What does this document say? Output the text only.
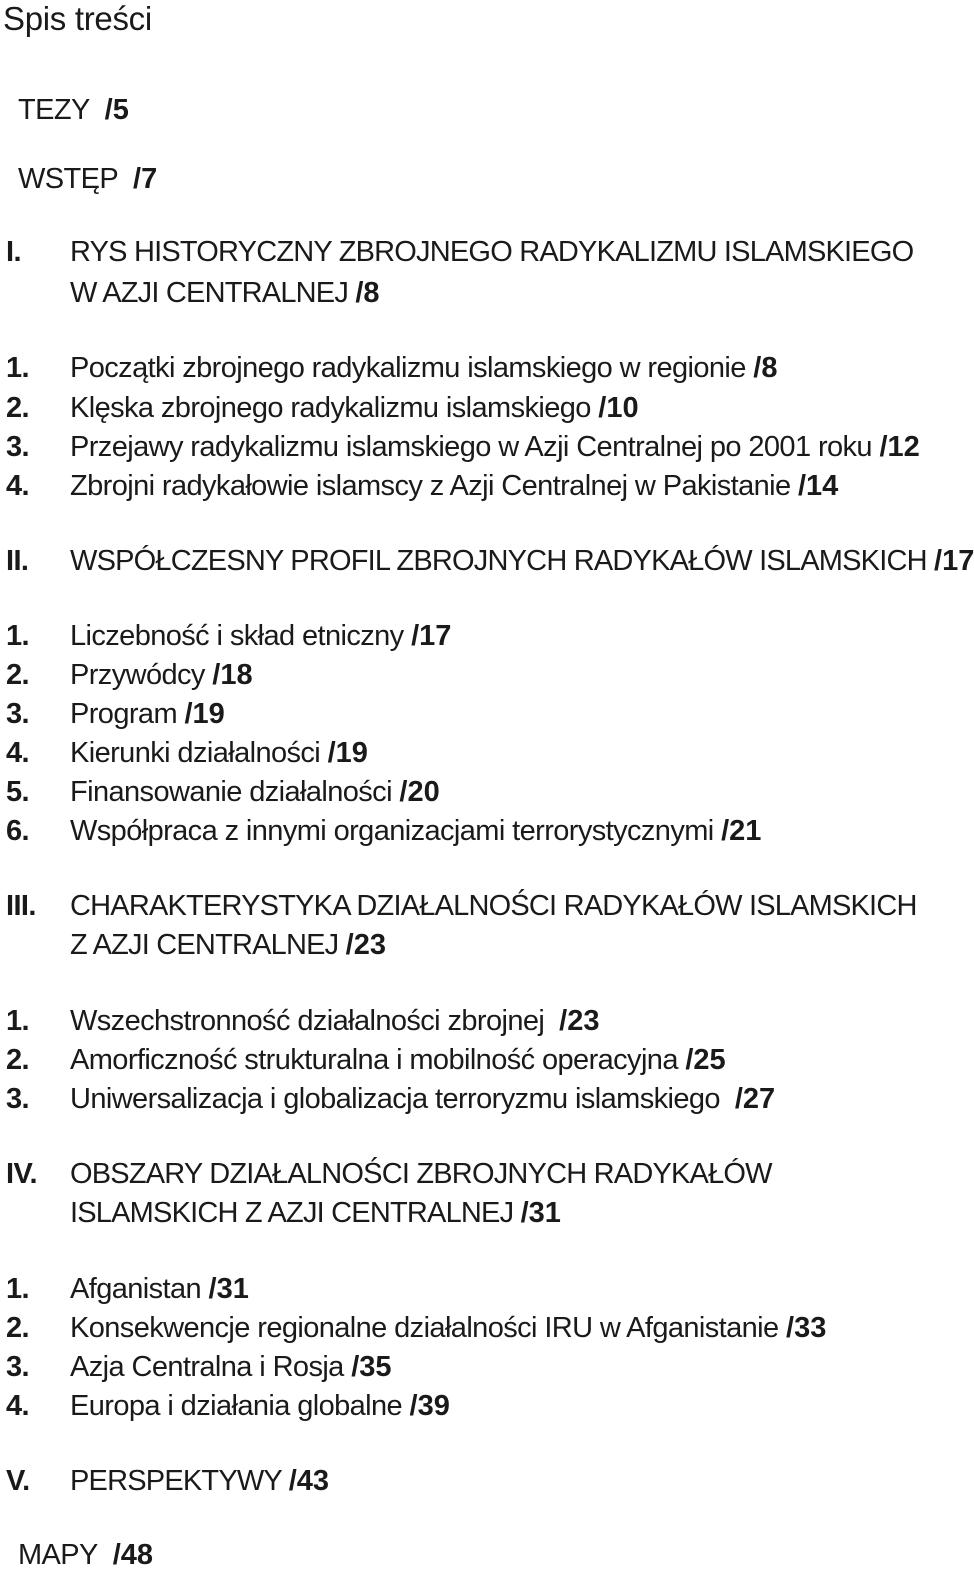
Spis treści
TEZY /5
WSTĘP /7
I. RYS HISTORYCZNY ZBROJNEGO RADYKALIZMU ISLAMSKIEGO
W AZJI CENTRALNEJ /8
1. Początki zbrojnego radykalizmu islamskiego w regionie /8
2. Klęska zbrojnego radykalizmu islamskiego /10
3. Przejawy radykalizmu islamskiego w Azji Centralnej po 2001 roku /12
4. Zbrojni radykałowie islamscy z Azji Centralnej w Pakistanie /14
II. WSPÓŁCZESNY PROFIL ZBROJNYCH RADYKAŁÓW ISLAMSKICH /17
1. Liczebność i skład etniczny /17
2. Przywódcy /18
3. Program /19
4. Kierunki działalności /19
5. Finansowanie działalności /20
6. Współpraca z innymi organizacjami terrorystycznymi /21
III. CHARAKTERYSTYKA DZIAŁALNOŚCI RADYKAŁÓW ISLAMSKICH
Z AZJI CENTRALNEJ /23
1. Wszechstronność działalności zbrojnej /23
2. Amorficzność strukturalna i mobilność operacyjna /25
3. Uniwersalizacja i globalizacja terroryzmu islamskiego /27
IV. OBSZARY DZIAŁALNOŚCI ZBROJNYCH RADYKAŁÓW
ISLAMSKICH Z AZJI CENTRALNEJ /31
1. Afganistan /31
2. Konsekwencje regionalne działalności IRU w Afganistanie /33
3. Azja Centralna i Rosja /35
4. Europa i działania globalne /39
V. PERSPEKTYWY /43
MAPY /48
